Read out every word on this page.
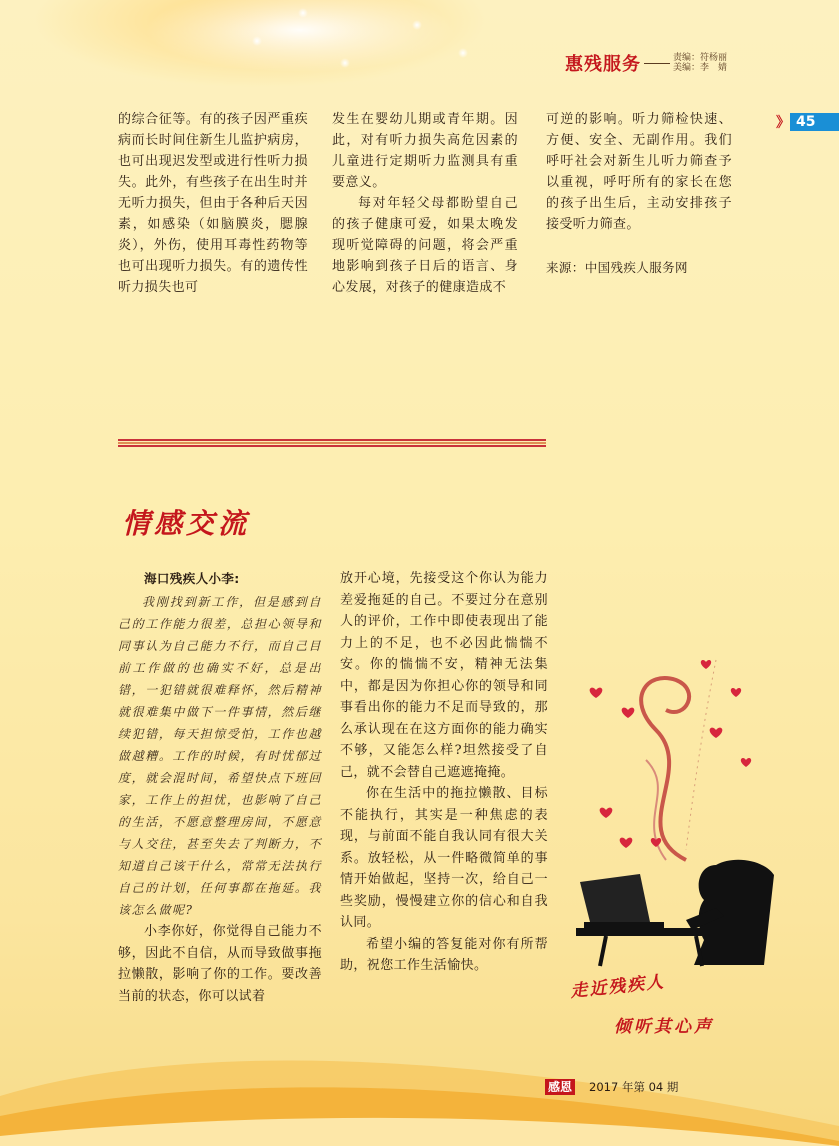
惠残服务	责编：符杨丽
美编：李　婧
》 45

的综合征等。有的孩子因严重疾病而长时间住新生儿监护病房，也可出现迟发型或进行性听力损失。此外，有些孩子在出生时并无听力损失，但由于各种后天因素，如感染（如脑膜炎，腮腺炎），外伤，使用耳毒性药物等也可出现听力损失。有的遗传性听力损失也可

发生在婴幼儿期或青年期。因此，对有听力损失高危因素的儿童进行定期听力监测具有重要意义。

每对年轻父母都盼望自己的孩子健康可爱，如果太晚发现听觉障碍的问题，将会严重地影响到孩子日后的语言、身心发展，对孩子的健康造成不

可逆的影响。听力筛检快速、方便、安全、无副作用。我们呼吁社会对新生儿听力筛查予以重视，呼吁所有的家长在您的孩子出生后，主动安排孩子接受听力筛查。

来源：中国残疾人服务网

情感交流

海口残疾人小李:

我刚找到新工作，但是感到自己的工作能力很差，总担心领导和同事认为自己能力不行，而自己目前工作做的也确实不好，总是出错，一犯错就很难释怀，然后精神就很难集中做下一件事情，然后继续犯错，每天担惊受怕，工作也越做越糟。工作的时候，有时忧郁过度，就会混时间，希望快点下班回家，工作上的担忧，也影响了自己的生活，不愿意整理房间，不愿意与人交往，甚至失去了判断力，不知道自己该干什么，常常无法执行自己的计划，任何事都在拖延。我该怎么做呢?

小李你好，你觉得自己能力不够，因此不自信，从而导致做事拖拉懒散，影响了你的工作。要改善当前的状态，你可以试着

放开心境，先接受这个你认为能力差爱拖延的自己。不要过分在意别人的评价，工作中即使表现出了能力上的不足，也不必因此惴惴不安。你的惴惴不安，精神无法集中，都是因为你担心你的领导和同事看出你的能力不足而导致的，那么承认现在在这方面你的能力确实不够，又能怎么样?坦然接受了自己，就不会替自己遮遮掩掩。

你在生活中的拖拉懒散、目标不能执行，其实是一种焦虑的表现，与前面不能自我认同有很大关系。放轻松，从一件略微简单的事情开始做起，坚持一次，给自己一些奖励，慢慢建立你的信心和自我认同。

希望小编的答复能对你有所帮助，祝您工作生活愉快。

走近残疾人
倾听其心声
感恩 2017 年第 04 期
